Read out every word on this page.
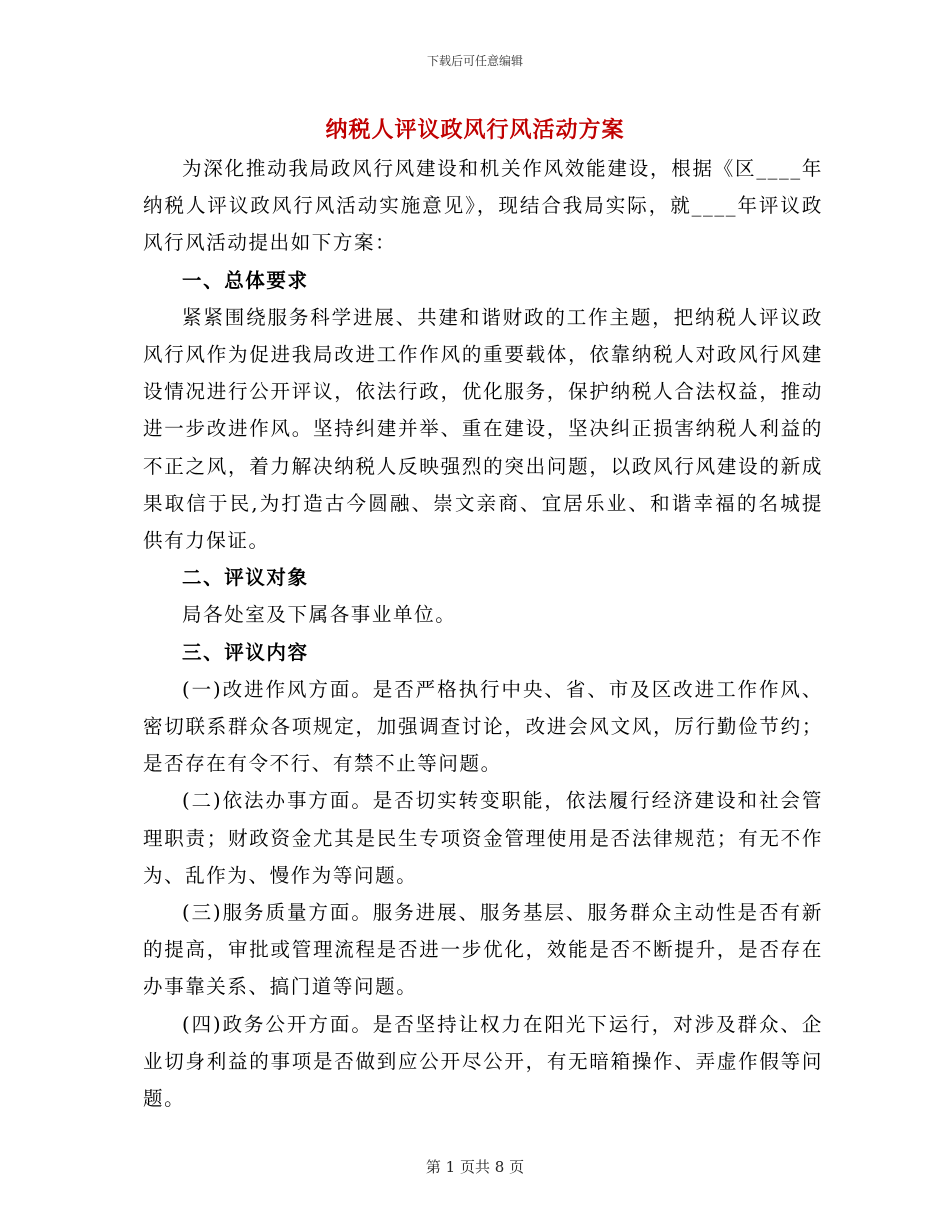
下载后可任意编辑
纳税人评议政风行风活动方案

为深化推动我局政风行风建设和机关作风效能建设，根据《区____年纳税人评议政风行风活动实施意见》，现结合我局实际，就____年评议政风行风活动提出如下方案：

一、总体要求

紧紧围绕服务科学进展、共建和谐财政的工作主题，把纳税人评议政风行风作为促进我局改进工作作风的重要载体，依靠纳税人对政风行风建设情况进行公开评议，依法行政，优化服务，保护纳税人合法权益，推动进一步改进作风。坚持纠建并举、重在建设，坚决纠正损害纳税人利益的不正之风，着力解决纳税人反映强烈的突出问题，以政风行风建设的新成果取信于民,为打造古今圆融、崇文亲商、宜居乐业、和谐幸福的名城提供有力保证。

二、评议对象

局各处室及下属各事业单位。

三、评议内容

(一)改进作风方面。是否严格执行中央、省、市及区改进工作作风、密切联系群众各项规定，加强调查讨论，改进会风文风，厉行勤俭节约；是否存在有令不行、有禁不止等问题。

(二)依法办事方面。是否切实转变职能，依法履行经济建设和社会管理职责；财政资金尤其是民生专项资金管理使用是否法律规范；有无不作为、乱作为、慢作为等问题。

(三)服务质量方面。服务进展、服务基层、服务群众主动性是否有新的提高，审批或管理流程是否进一步优化，效能是否不断提升，是否存在办事靠关系、搞门道等问题。

(四)政务公开方面。是否坚持让权力在阳光下运行，对涉及群众、企业切身利益的事项是否做到应公开尽公开，有无暗箱操作、弄虚作假等问题。

第 1 页共 8 页
